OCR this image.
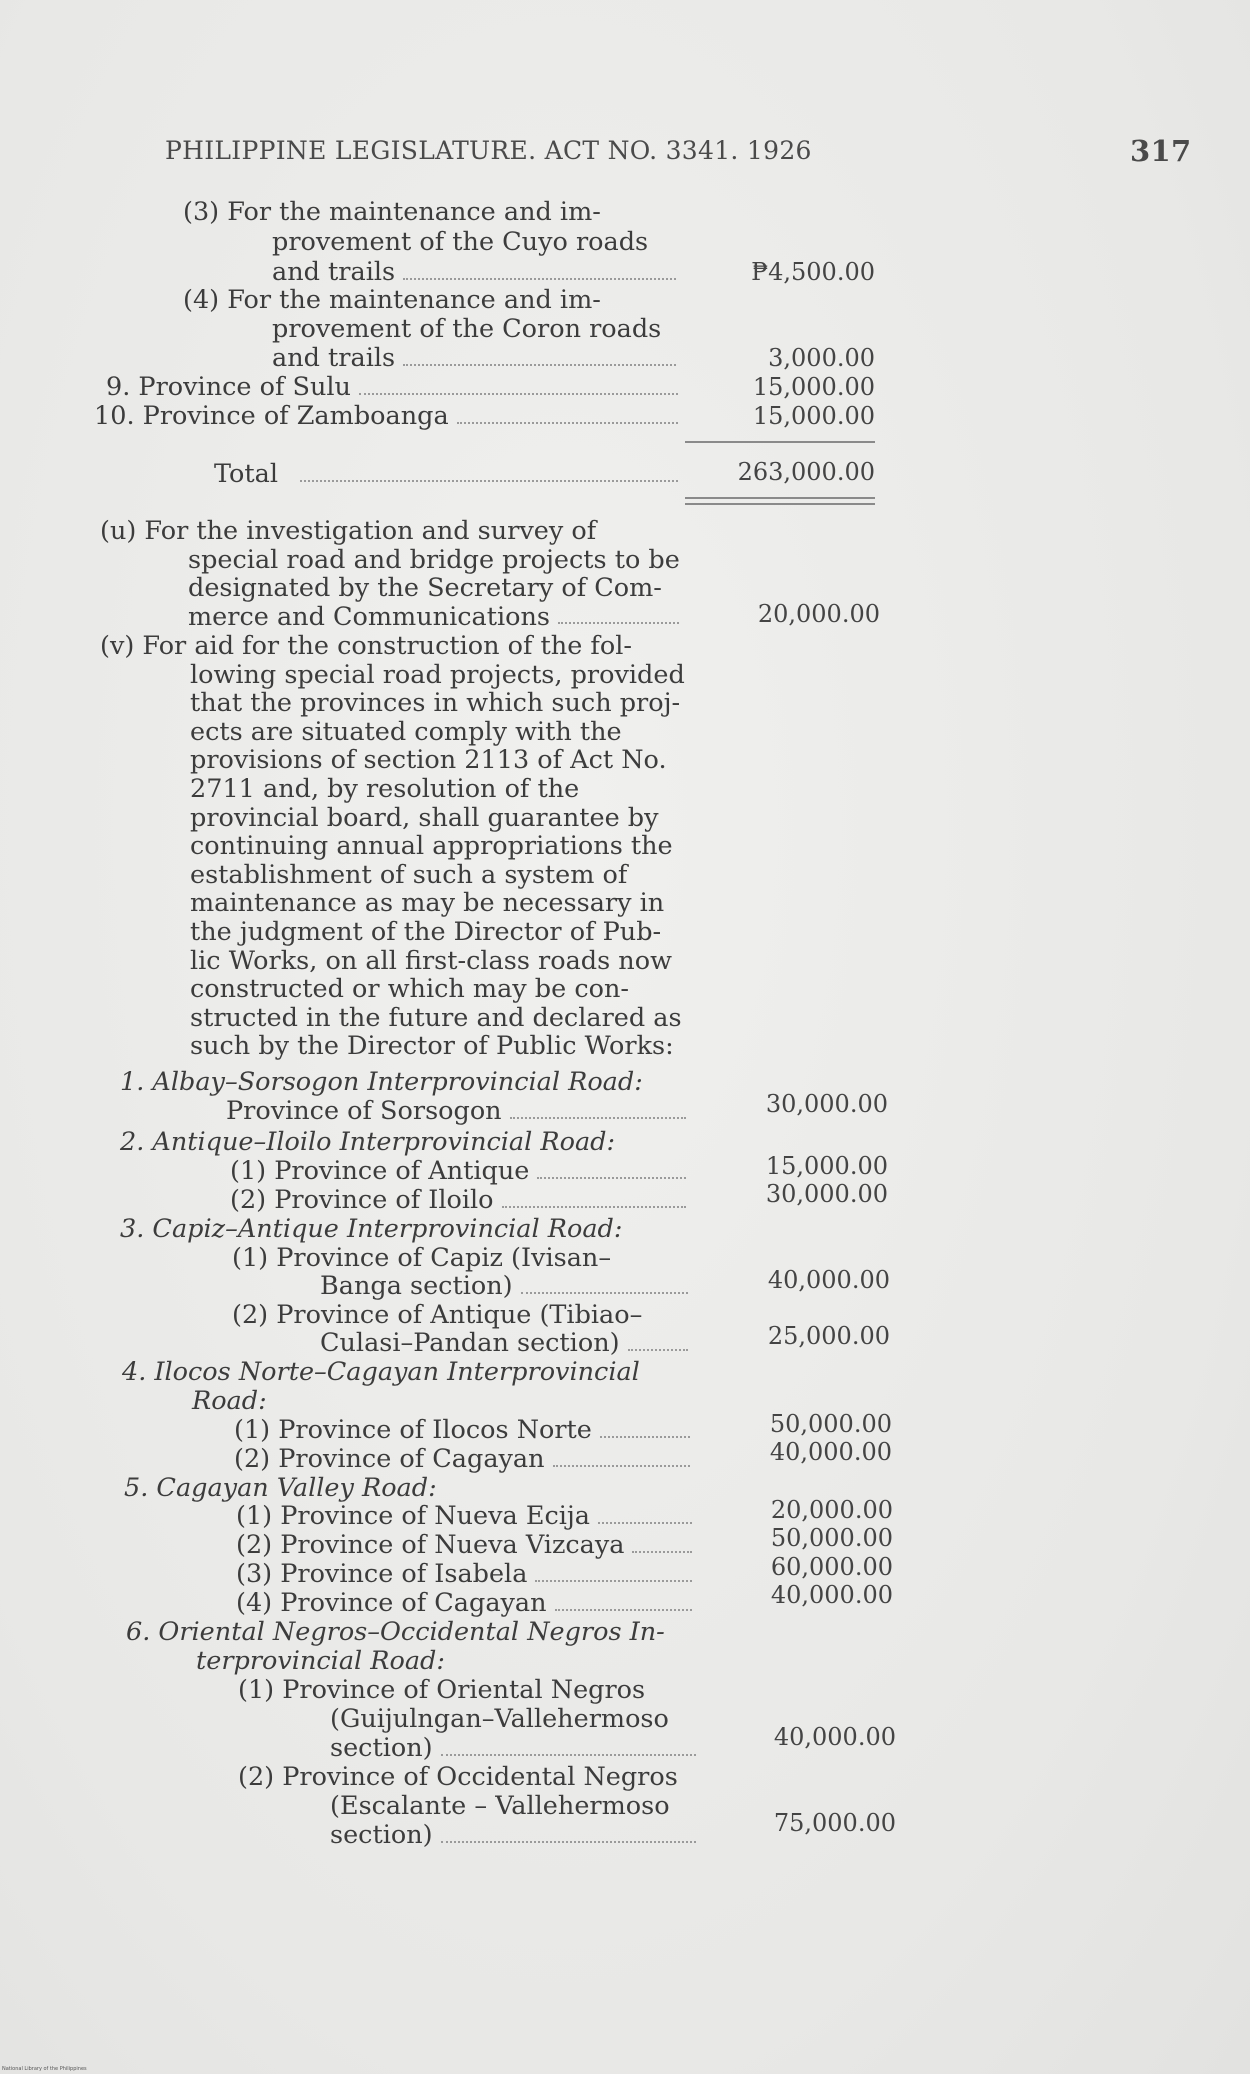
PHILIPPINE LEGISLATURE. ACT NO. 3341. 1926	317
(3) For the maintenance and im-
provement of the Cuyo roads
and trails	₱4,500.00
(4) For the maintenance and im-
provement of the Coron roads
and trails	3,000.00
9. Province of Sulu	15,000.00
10. Province of Zamboanga	15,000.00
Total	263,000.00
(u) For the investigation and survey of
special road and bridge projects to be
designated by the Secretary of Com-
merce and Communications	20,000.00
(v) For aid for the construction of the fol-
lowing special road projects, provided
that the provinces in which such proj-
ects are situated comply with the
provisions of section 2113 of Act No.
2711 and, by resolution of the
provincial board, shall guarantee by
continuing annual appropriations the
establishment of such a system of
maintenance as may be necessary in
the judgment of the Director of Pub-
lic Works, on all first-class roads now
constructed or which may be con-
structed in the future and declared as
such by the Director of Public Works:
1. Albay–Sorsogon Interprovincial Road:
Province of Sorsogon	30,000.00
2. Antique–Iloilo Interprovincial Road:
(1) Province of Antique	15,000.00
(2) Province of Iloilo	30,000.00
3. Capiz–Antique Interprovincial Road:
(1) Province of Capiz (Ivisan–
Banga section)	40,000.00
(2) Province of Antique (Tibiao–
Culasi–Pandan section)	25,000.00
4. Ilocos Norte–Cagayan Interprovincial
Road:
(1) Province of Ilocos Norte	50,000.00
(2) Province of Cagayan	40,000.00
5. Cagayan Valley Road:
(1) Province of Nueva Ecija	20,000.00
(2) Province of Nueva Vizcaya	50,000.00
(3) Province of Isabela	60,000.00
(4) Province of Cagayan	40,000.00
6. Oriental Negros–Occidental Negros In-
terprovincial Road:
(1) Province of Oriental Negros
(Guijulngan–Vallehermoso
section)	40,000.00
(2) Province of Occidental Negros
(Escalante – Vallehermoso
section)	75,000.00
National Library of the Philippines
